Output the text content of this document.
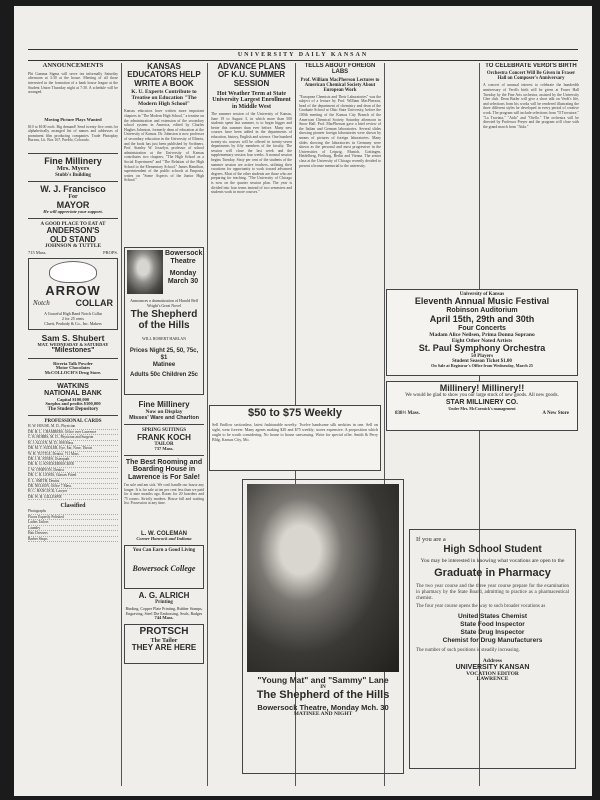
UNIVERSITY DAILY KANSAN
ANNOUNCEMENTS
Phi Gamma Sigma will serve tea informally Saturday afternoon at 3:30 at the house. Meeting of all those interested in the formation of a bank house league at the Student Union Thursday night at 7:30. A schedule will be arranged.
Moving Picture Plays Wanted
$10 to $100 each. Big demand! Send twenty-five cents for alphabetically arranged list of names and addresses of prominent film producing companies. Trade Photoplay Bureau, Lit. Box 167, Pueblo, Colorado.
Fine Millinery
Mrs. Myers
Stubb's Building
W. J. Francisco
For
MAYOR
He will appreciate your support.
A GOOD PLACE TO EAT AT
ANDERSON'S
OLD STAND
JOHNSON & TUTTLE
715 Mass.	PROPS.
ARROW
Notch	COLLAR
A Graceful High Band Notch Collar
2 for 25 cents
Cluett, Peabody & Co., Inc. Makers
Sam S. Shubert
MAT. WEDNESDAY & SATURDAY
"Milestones"
Riveria Talk Powder
Motor Chocolates
McCOLLOCH'S Drug Store.
WATKINS
NATIONAL BANK
Capital $100,000
Surplus and profits $100,000
The Student Depository
PROFESSIONAL CARDS
H. W. HOUSE, M. D., Physician
DR. H. L. CHAMBERS, Office over Lawrence
C. B. HOBBS, M. D., Physician and Surgeon
H. J. ALLEN, M. D., 808 Mass.
DR. M. T. SUDLER, Eye, Ear, Nose, Throat
W. H. TUTTLE, Dentist, 711 Mass.
DR. J. B. JONES, Osteopath
DR. R. G. KNICKERBOCKER
J. W. O'BRYON, Dentist
DR. C. R. LEWIS, Glasses Fitted
E. L. SMITH, Dentist
DR. NELSON, Office 7 Mass.
H. C. HANCOCK, Lawyer
DR. W. H. GILLESPIE
Classified
Photographs
Floors Expertly Polished
Ladies Tailors
Laundry
Hair Dressers
Barber Shops
KANSAS EDUCATORS HELP WRITE A BOOK
K. U. Experts Contribute to Treatise on Education "The Modern High School"
Kansas educators have written more important chapters in "The Modern High School," a treatise on the administration and extension of the secondary school system in America, edited by Charles Hughes Johnston, formerly dean of education at the University of Kansas. Dr. Johnston is now professor of secondary education in the University of Illinois, and the book has just been published by Scribners. Prof. Stanley W. Josselyn, professor of school administration at the University of Kansas contributes two chapters, "The High School as a Social Experiment" and "The Relation of the High School to the Elementary School." James Hamilton, superintendent of the public schools at Emporia, writes on "Some Aspects of the Junior High School."
Bowersock Theatre
Monday
March 30
Announces a dramatization of Harold Bell Wright's Great Novel
The Shepherd of the Hills
WILL ROBERT HARLAN
Prices Night 25, 50, 75c, $1
Matinee
Adults 50c Children 25c
Fine Millinery
Now on Display
Misses' Ware and Charlton
SPRING SUITINGS
FRANK KOCH
TAILOR
737 Mass.
The Best Rooming and Boarding House in Lawrence is For Sale!
I'm sole and am sick. We can't handle our house any longer. It is for sale at ten per cent less than we paid for it nine months ago. Room for 20 boarders and 75 rooms. Strictly modern. House full and waiting list. Possession at any time.
L. W. COLEMAN
Corner Hancock and Indiana
You Can Earn a Good Living
Bowersock College
A. G. ALRICH
Printing
Binding, Copper Plate Printing, Rubber Stamps, Engraving, Steel Die Embossing, Seals, Badges
744 Mass.
PROTSCH
The Tailor
THEY ARE HERE
ADVANCE PLANS OF K.U. SUMMER SESSION
Hot Weather Term at State University Largest Enrollment in Middle West
The summer session of the University of Kansas, June 19 to August 3, in which more than 500 students spent last summer, is to begin bigger and better this summer than ever before. Many new courses have been added in the departments of education, history, English and science. One hundred twenty-six courses will be offered in twenty-seven departments by fifty members of the faculty. The session will close the last week and the supplementary session four weeks. A normal session begins Tuesday. Sixty per cent of the students of the summer session are active teachers, utilizing their vacations for opportunity to work toward advanced degrees. Most of the other students are those who are preparing for teaching. "The University of Chicago is now on the quarter session plan. The year is divided into four terms instead of two semesters and students work in more courses."
TELLS ABOUT FOREIGN LABS
Prof. William MacPherson Lectures to American Chemical Society About European Work
"European Chemists and Their Laboratories" was the subject of a lecture by Prof. William MacPherson, head of the department of chemistry and dean of the Graduate School at Ohio State University, before the 100th meeting of the Kansas City Branch of the American Chemical Society Saturday afternoon in Snow Hall. Prof. MacPherson gave a brief review of the Italian and German laboratories. Several slides showing pioneer foreign laboratories were shown by means of pictures of foreign laboratories. Many slides showing the laboratories in Germany were shown as the personal and most progressive in the Universities of Leipzig, Munich, Gottingen, Heidelberg, Freiburg, Berlin and Vienna. The senior class at the University of Chicago recently decided to present a bronze memorial to the university.
TO CELEBRATE VERDI'S BIRTH
Orchestra Concert Will Be Given in Fraser Hall on Composer's Anniversary
A concert of unusual interest to celebrate the hundredth anniversary of Verdi's birth will be given at Fraser Hall Tuesday by the Fine Arts orchestra, assisted by the University Glee club. Dean Butler will give a short talk on Verdi's life, and selections from his works will be rendered illustrating the three different styles he developed in every period of creative work. The program will include selections from "Il Trovatore," "La Traviata," "Aida" and "Otello." The orchestra will be directed by Professor Preyer and the program will close with the grand march from "Aida."
University of Kansas
Eleventh Annual Music Festival
Robinson Auditorium
April 15th, 29th and 30th
Four Concerts
Madam Alice Neilsen, Prima Donna Soprano
Eight Other Noted Artists
St. Paul Symphony Orchestra
50 Players
Student Season Ticket $1.00
On Sale at Registrar's Office from Wednesday, March 25
Millinery! Millinery!!
We would be glad to show you our large stock of new goods. All new goods.
STAR MILLINERY CO.
Under Mrs. McCormick's management
838½ Mass.	A New Store
$50 to $75 Weekly
Sell Endlow sectionless, latest fashionable novelty. Twelve handsome silk neckties in one. Sell on sight, wear forever. Many agents making $20 and $75 weekly; stores expensive. A proposition which ought to be worth considering. No house to house canvassing. Write for special offer. Smith & Perry Bldg, Kansas City, Mo.
"Young Mat" and "Sammy" Lane
IN
The Shepherd of the Hills
Bowersock Theatre, Monday Mch. 30
MATINEE AND NIGHT
If you are a
High School Student
You may be interested in knowing what vocations are open to the
Graduate in Pharmacy
The two year course and the three year course prepare for the examination in pharmacy by the State Board, admitting to practice as a pharmaceutical chemist.
The four year course opens the way to such broader vocations as
United States Chemist
State Food Inspector
State Drug Inspector
Chemist for Drug Manufacturers
The number of such positions is steadily increasing.
Address
UNIVERSITY KANSAN
VOCATION EDITOR
LAWRENCE
